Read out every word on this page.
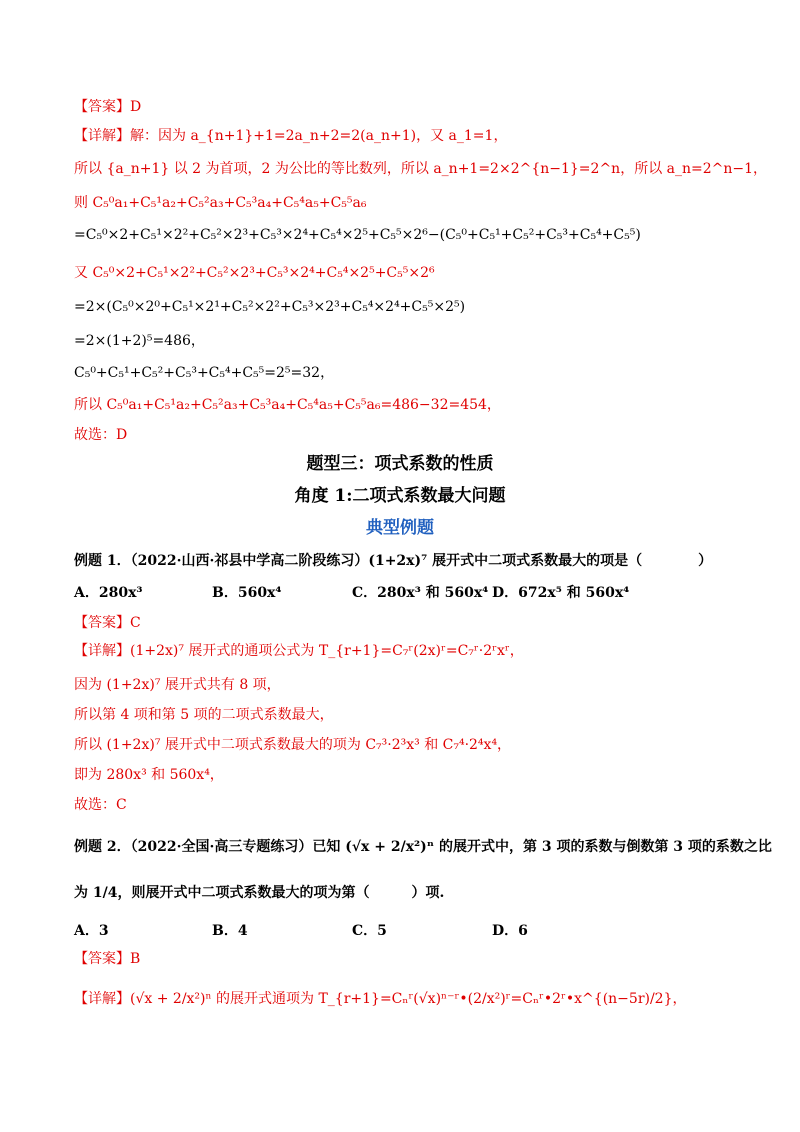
【答案】D
【详解】解：因为 a_{n+1}+1=2a_n+2=2(a_n+1)，又 a_1=1，
所以 {a_n+1} 以 2 为首项，2 为公比的等比数列，所以 a_n+1=2×2^{n−1}=2^n，所以 a_n=2^n−1，
则 C₅⁰a₁+C₅¹a₂+C₅²a₃+C₅³a₄+C₅⁴a₅+C₅⁵a₆
=C₅⁰×2+C₅¹×2²+C₅²×2³+C₅³×2⁴+C₅⁴×2⁵+C₅⁵×2⁶−(C₅⁰+C₅¹+C₅²+C₅³+C₅⁴+C₅⁵)
又 C₅⁰×2+C₅¹×2²+C₅²×2³+C₅³×2⁴+C₅⁴×2⁵+C₅⁵×2⁶
=2×(C₅⁰×2⁰+C₅¹×2¹+C₅²×2²+C₅³×2³+C₅⁴×2⁴+C₅⁵×2⁵)
=2×(1+2)⁵=486，
C₅⁰+C₅¹+C₅²+C₅³+C₅⁴+C₅⁵=2⁵=32，
所以 C₅⁰a₁+C₅¹a₂+C₅²a₃+C₅³a₄+C₅⁴a₅+C₅⁵a₆=486−32=454，
故选：D
题型三：项式系数的性质
角度 1:二项式系数最大问题
典型例题
例题 1．（2022·山西·祁县中学高二阶段练习）(1+2x)⁷ 展开式中二项式系数最大的项是（　　　　）
A．280x³	B．560x⁴	C．280x³ 和 560x⁴ D．672x⁵ 和 560x⁴
【答案】C
【详解】(1+2x)⁷ 展开式的通项公式为 T_{r+1}=C₇ʳ(2x)ʳ=C₇ʳ·2ʳxʳ，
因为 (1+2x)⁷ 展开式共有 8 项，
所以第 4 项和第 5 项的二项式系数最大，
所以 (1+2x)⁷ 展开式中二项式系数最大的项为 C₇³·2³x³ 和 C₇⁴·2⁴x⁴，
即为 280x³ 和 560x⁴，
故选：C
例题 2．（2022·全国·高三专题练习）已知 (√x + 2/x²)ⁿ 的展开式中，第 3 项的系数与倒数第 3 项的系数之比
为 1/4，则展开式中二项式系数最大的项为第（　　　）项.
A．3	B．4	C．5	D．6
【答案】B
【详解】(√x + 2/x²)ⁿ 的展开式通项为 T_{r+1}=Cₙʳ(√x)ⁿ⁻ʳ•(2/x²)ʳ=Cₙʳ•2ʳ•x^{(n−5r)/2}，
